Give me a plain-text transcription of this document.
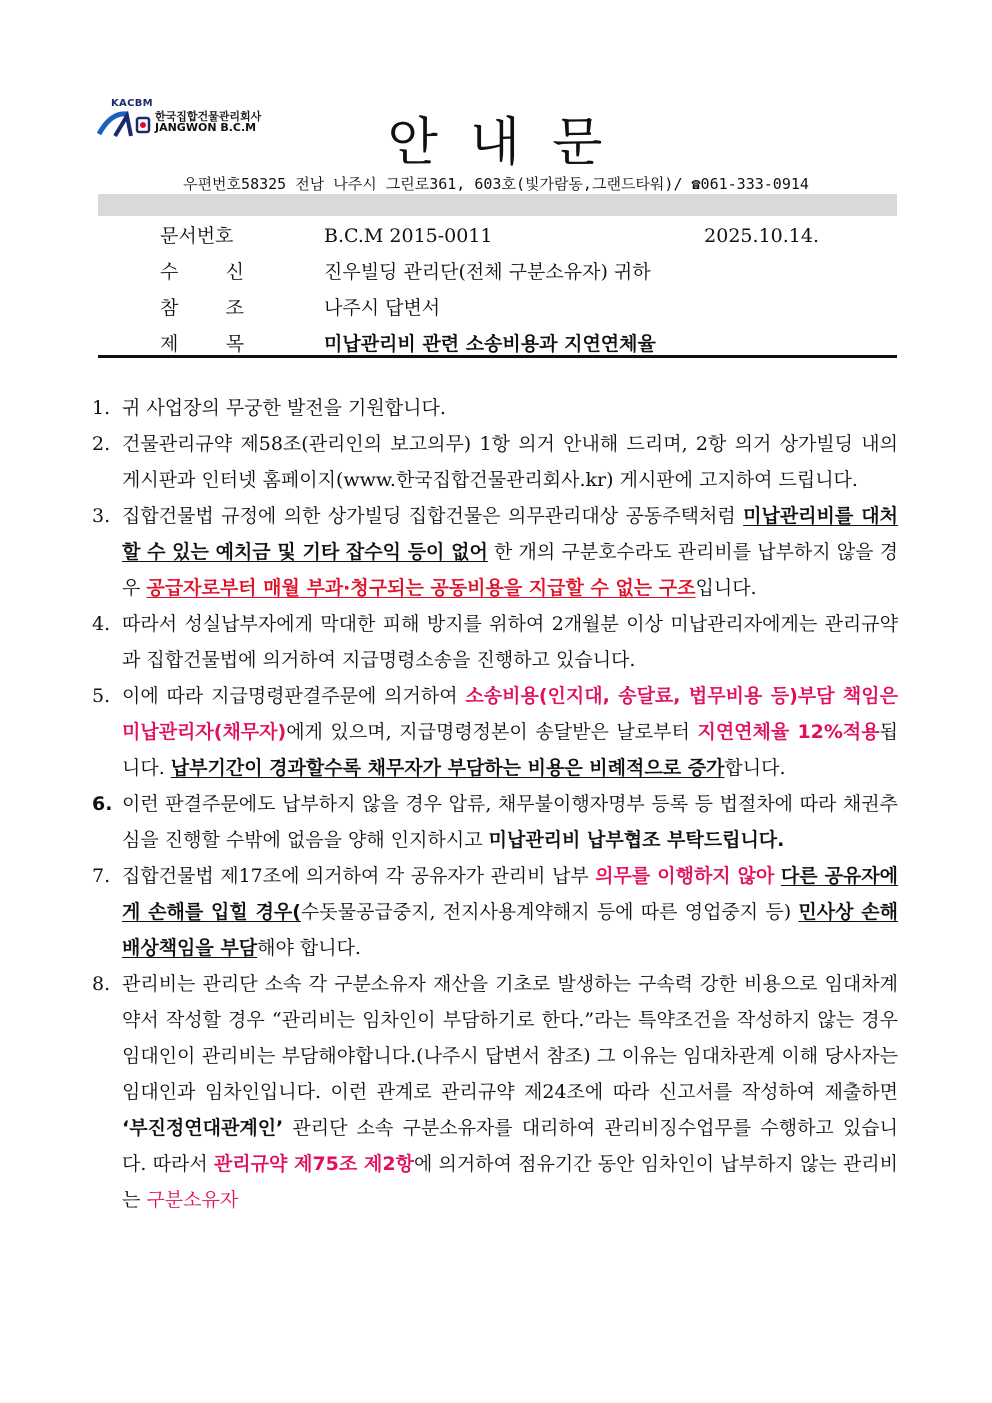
KACBM
한국집합건물관리회사
JANGWON B.C.M	안내문
우편번호58325 전남 나주시 그린로361, 603호(빛가람동,그랜드타워)/ ☎061-333-0914
문서번호	B.C.M 2015-0011	2025.10.14.
수 신	진우빌딩 관리단(전체 구분소유자) 귀하
참 조	나주시 답변서
제 목	미납관리비 관련 소송비용과 지연연체율
1. 귀 사업장의 무궁한 발전을 기원합니다.
2. 건물관리규약 제58조(관리인의 보고의무) 1항 의거 안내해 드리며, 2항 의거 상가빌딩 내의 게시판과 인터넷 홈페이지(www.한국집합건물관리회사.kr) 게시판에 고지하여 드립니다.
3. 집합건물법 규정에 의한 상가빌딩 집합건물은 의무관리대상 공동주택처럼 미납관리비를 대처할 수 있는 예치금 및 기타 잡수익 등이 없어 한 개의 구분호수라도 관리비를 납부하지 않을 경우 공급자로부터 매월 부과·청구되는 공동비용을 지급할 수 없는 구조입니다.
4. 따라서 성실납부자에게 막대한 피해 방지를 위하여 2개월분 이상 미납관리자에게는 관리규약과 집합건물법에 의거하여 지급명령소송을 진행하고 있습니다.
5. 이에 따라 지급명령판결주문에 의거하여 소송비용(인지대, 송달료, 법무비용 등)부담 책임은 미납관리자(채무자)에게 있으며, 지급명령정본이 송달받은 날로부터 지연연체율 12%적용됩니다. 납부기간이 경과할수록 채무자가 부담하는 비용은 비례적으로 증가합니다.
6. 이런 판결주문에도 납부하지 않을 경우 압류, 채무불이행자명부 등록 등 법절차에 따라 채권추심을 진행할 수밖에 없음을 양해 인지하시고 미납관리비 납부협조 부탁드립니다.
7. 집합건물법 제17조에 의거하여 각 공유자가 관리비 납부 의무를 이행하지 않아 다른 공유자에게 손해를 입힐 경우(수돗물공급중지, 전지사용계약해지 등에 따른 영업중지 등) 민사상 손해배상책임을 부담해야 합니다.
8. 관리비는 관리단 소속 각 구분소유자 재산을 기초로 발생하는 구속력 강한 비용으로 임대차계약서 작성할 경우 “관리비는 임차인이 부담하기로 한다.”라는 특약조건을 작성하지 않는 경우 임대인이 관리비는 부담해야합니다.(나주시 답변서 참조) 그 이유는 임대차관계 이해 당사자는 임대인과 임차인입니다. 이런 관계로 관리규약 제24조에 따라 신고서를 작성하여 제출하면 ‘부진정연대관계인’ 관리단 소속 구분소유자를 대리하여 관리비징수업무를 수행하고 있습니다. 따라서 관리규약 제75조 제2항에 의거하여 점유기간 동안 임차인이 납부하지 않는 관리비는 구분소유자
